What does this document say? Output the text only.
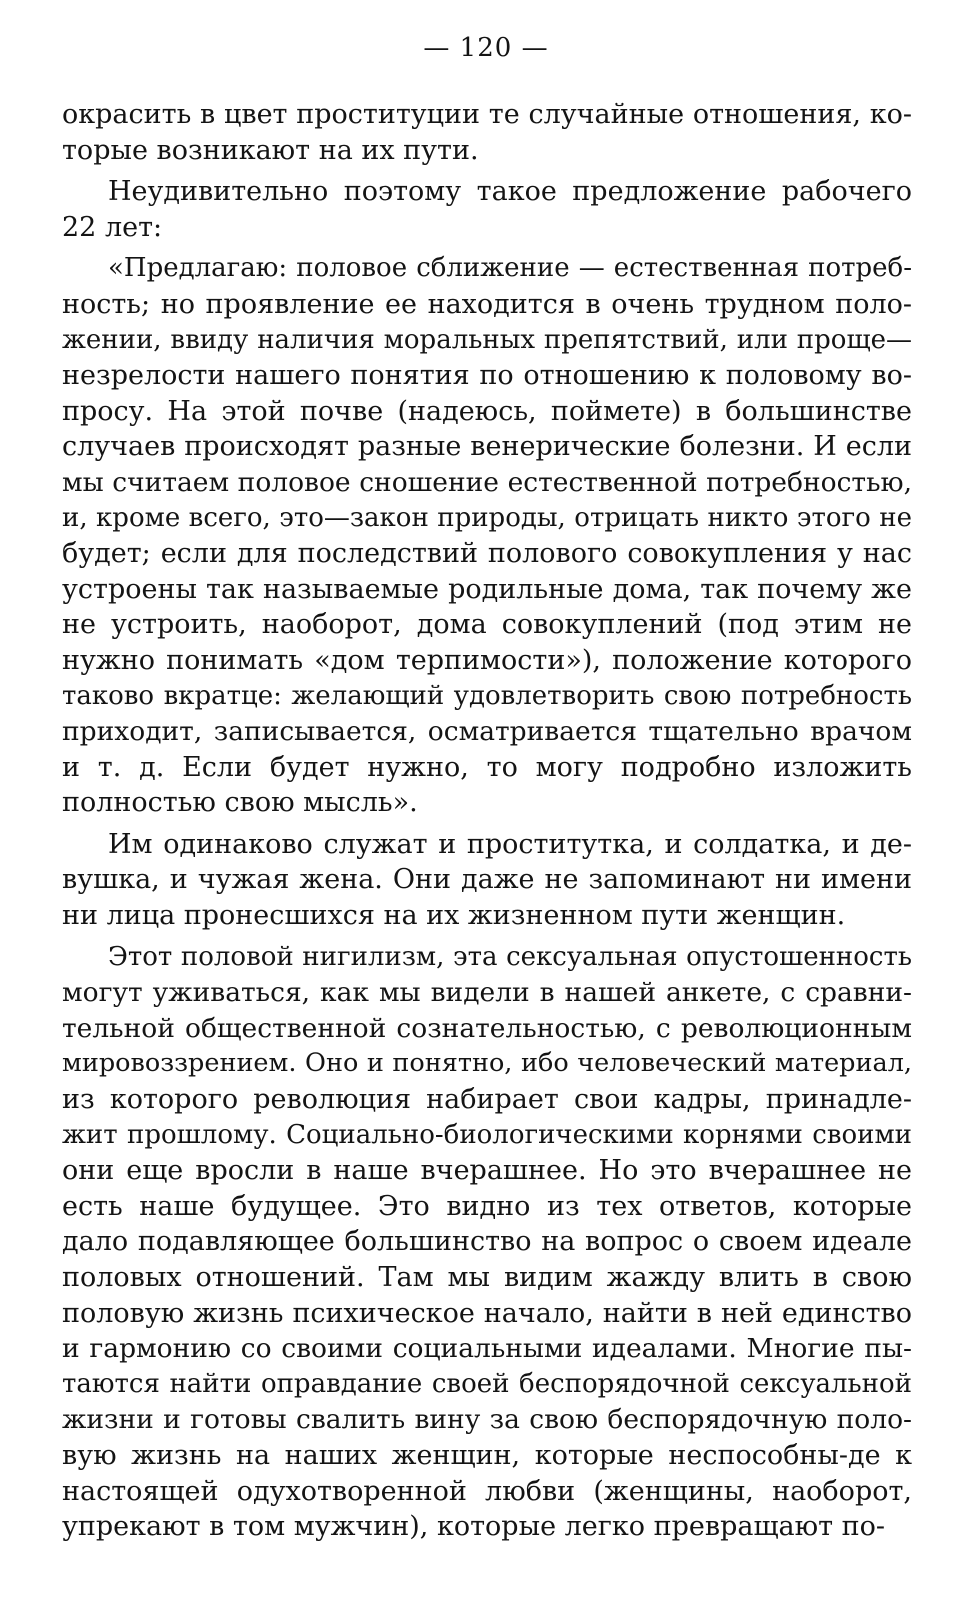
— 120 —
окрасить в цвет проституции те случайные отношения, ко-
торые возникают на их пути.
Неудивительно поэтому такое предложение рабочего
22 лет:
«Предлагаю: половое сближение — естественная потреб-
ность; но проявление ее находится в очень трудном поло-
жении, ввиду наличия моральных препятствий, или проще—
незрелости нашего понятия по отношению к половому во-
просу. На этой почве (надеюсь, поймете) в большинстве
случаев происходят разные венерические болезни. И если
мы считаем половое сношение естественной потребностью,
и, кроме всего, это—закон природы, отрицать никто этого не
будет; если для последствий полового совокупления у нас
устроены так называемые родильные дома, так почему же
не устроить, наоборот, дома совокуплений (под этим не
нужно понимать «дом терпимости»), положение которого
таково вкратце: желающий удовлетворить свою потребность
приходит, записывается, осматривается тщательно врачом
и т. д. Если будет нужно, то могу подробно изложить
полностью свою мысль».
Им одинаково служат и проститутка, и солдатка, и де-
вушка, и чужая жена. Они даже не запоминают ни имени
ни лица пронесшихся на их жизненном пути женщин.
Этот половой нигилизм, эта сексуальная опустошенность
могут уживаться, как мы видели в нашей анкете, с сравни-
тельной общественной сознательностью, с революционным
мировоззрением. Оно и понятно, ибо человеческий материал,
из которого революция набирает свои кадры, принадле-
жит прошлому. Социально-биологическими корнями своими
они еще вросли в наше вчерашнее. Но это вчерашнее не
есть наше будущее. Это видно из тех ответов, которые
дало подавляющее большинство на вопрос о своем идеале
половых отношений. Там мы видим жажду влить в свою
половую жизнь психическое начало, найти в ней единство
и гармонию со своими социальными идеалами. Многие пы-
таются найти оправдание своей беспорядочной сексуальной
жизни и готовы свалить вину за свою беспорядочную поло-
вую жизнь на наших женщин, которые неспособны-де к
настоящей одухотворенной любви (женщины, наоборот,
упрекают в том мужчин), которые легко превращают по-
